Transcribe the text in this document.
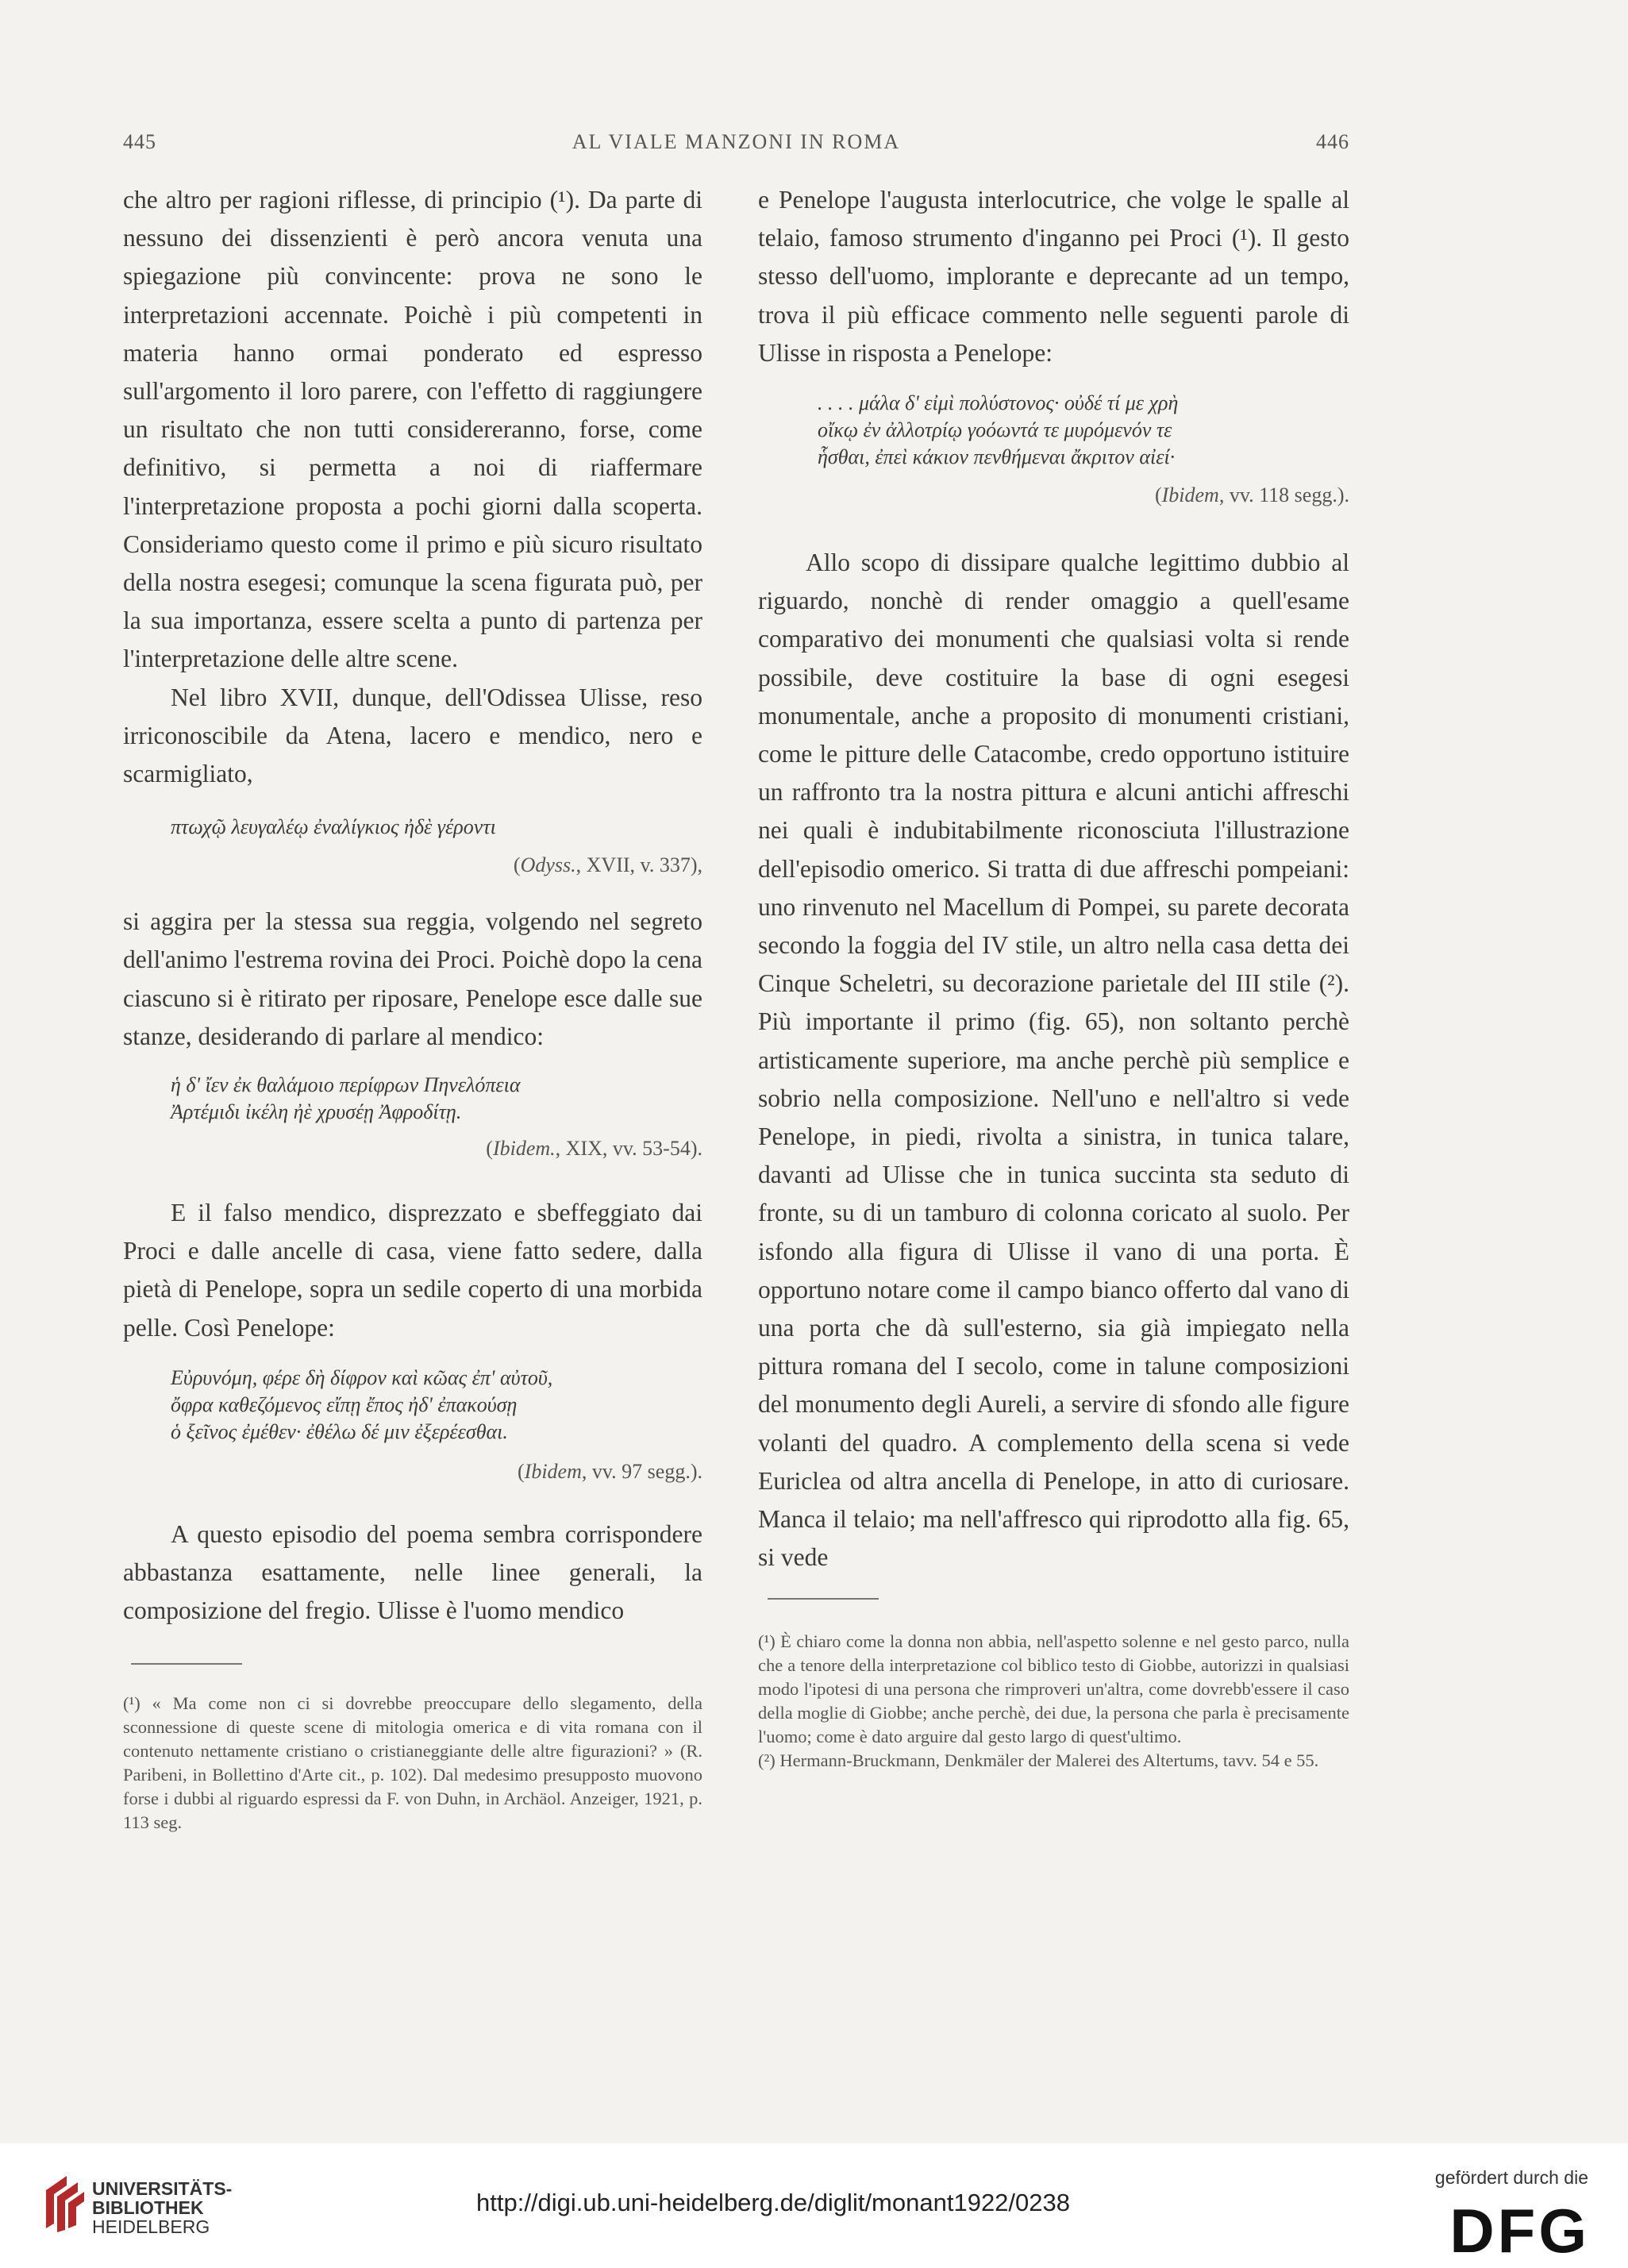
445	AL VIALE MANZONI IN ROMA	446

che altro per ragioni riflesse, di principio (¹). Da parte di nessuno dei dissenzienti è però ancora venuta una spiegazione più convincente: prova ne sono le interpretazioni accennate. Poichè i più competenti in materia hanno ormai ponderato ed espresso sull'argomento il loro parere, con l'effetto di raggiungere un risultato che non tutti considereranno, forse, come definitivo, si permetta a noi di riaffermare l'interpretazione proposta a pochi giorni dalla scoperta. Consideriamo questo come il primo e più sicuro risultato della nostra esegesi; comunque la scena figurata può, per la sua importanza, essere scelta a punto di partenza per l'interpretazione delle altre scene.

Nel libro XVII, dunque, dell'Odissea Ulisse, reso irriconoscibile da Atena, lacero e mendico, nero e scarmigliato,

πτωχῷ λευγαλέῳ ἐναλίγκιος ἠδὲ γέροντι

(Odyss., XVII, v. 337),

si aggira per la stessa sua reggia, volgendo nel segreto dell'animo l'estrema rovina dei Proci. Poichè dopo la cena ciascuno si è ritirato per riposare, Penelope esce dalle sue stanze, desiderando di parlare al mendico:

ἡ δ' ἴεν ἐκ θαλάμοιο περίφρων Πηνελόπεια

Ἀρτέμιδι ἰκέλη ἠὲ χρυσέῃ Ἀφροδίτῃ.

(Ibidem., XIX, vv. 53-54).

E il falso mendico, disprezzato e sbeffeggiato dai Proci e dalle ancelle di casa, viene fatto sedere, dalla pietà di Penelope, sopra un sedile coperto di una morbida pelle. Così Penelope:

Εὐρυνόμη, φέρε δὴ δίφρον καὶ κῶας ἐπ' αὐτοῦ,

ὄφρα καθεζόμενος εἴπῃ ἔπος ἠδ' ἐπακούσῃ

ὁ ξεῖνος ἐμέθεν· ἐθέλω δέ μιν ἐξερέεσθαι.

(Ibidem, vv. 97 segg.).

A questo episodio del poema sembra corrispondere abbastanza esattamente, nelle linee generali, la composizione del fregio. Ulisse è l'uomo mendico

(¹) « Ma come non ci si dovrebbe preoccupare dello slegamento, della sconnessione di queste scene di mitologia omerica e di vita romana con il contenuto nettamente cristiano o cristianeggiante delle altre figurazioni? » (R. Paribeni, in Bollettino d'Arte cit., p. 102). Dal medesimo presupposto muovono forse i dubbi al riguardo espressi da F. von Duhn, in Archäol. Anzeiger, 1921, p. 113 seg.

e Penelope l'augusta interlocutrice, che volge le spalle al telaio, famoso strumento d'inganno pei Proci (¹). Il gesto stesso dell'uomo, implorante e deprecante ad un tempo, trova il più efficace commento nelle seguenti parole di Ulisse in risposta a Penelope:

. . . . μάλα δ' εἰμὶ πολύστονος· οὐδέ τί με χρὴ

οἴκῳ ἐν ἀλλοτρίῳ γοόωντά τε μυρόμενόν τε

ἧσθαι, ἐπεὶ κάκιον πενθήμεναι ἄκριτον αἰεί·

(Ibidem, vv. 118 segg.).

Allo scopo di dissipare qualche legittimo dubbio al riguardo, nonchè di render omaggio a quell'esame comparativo dei monumenti che qualsiasi volta si rende possibile, deve costituire la base di ogni esegesi monumentale, anche a proposito di monumenti cristiani, come le pitture delle Catacombe, credo opportuno istituire un raffronto tra la nostra pittura e alcuni antichi affreschi nei quali è indubitabilmente riconosciuta l'illustrazione dell'episodio omerico. Si tratta di due affreschi pompeiani: uno rinvenuto nel Macellum di Pompei, su parete decorata secondo la foggia del IV stile, un altro nella casa detta dei Cinque Scheletri, su decorazione parietale del III stile (²). Più importante il primo (fig. 65), non soltanto perchè artisticamente superiore, ma anche perchè più semplice e sobrio nella composizione. Nell'uno e nell'altro si vede Penelope, in piedi, rivolta a sinistra, in tunica talare, davanti ad Ulisse che in tunica succinta sta seduto di fronte, su di un tamburo di colonna coricato al suolo. Per isfondo alla figura di Ulisse il vano di una porta. È opportuno notare come il campo bianco offerto dal vano di una porta che dà sull'esterno, sia già impiegato nella pittura romana del I secolo, come in talune composizioni del monumento degli Aureli, a servire di sfondo alle figure volanti del quadro. A complemento della scena si vede Euriclea od altra ancella di Penelope, in atto di curiosare. Manca il telaio; ma nell'affresco qui riprodotto alla fig. 65, si vede

(¹) È chiaro come la donna non abbia, nell'aspetto solenne e nel gesto parco, nulla che a tenore della interpretazione col biblico testo di Giobbe, autorizzi in qualsiasi modo l'ipotesi di una persona che rimproveri un'altra, come dovrebb'essere il caso della moglie di Giobbe; anche perchè, dei due, la persona che parla è precisamente l'uomo; come è dato arguire dal gesto largo di quest'ultimo.

(²) Hermann-Bruckmann, Denkmäler der Malerei des Altertums, tavv. 54 e 55.

UNIVERSITÄTS-
BIBLIOTHEK
HEIDELBERG
http://digi.ub.uni-heidelberg.de/diglit/monant1922/0238
gefördert durch die
DFG
